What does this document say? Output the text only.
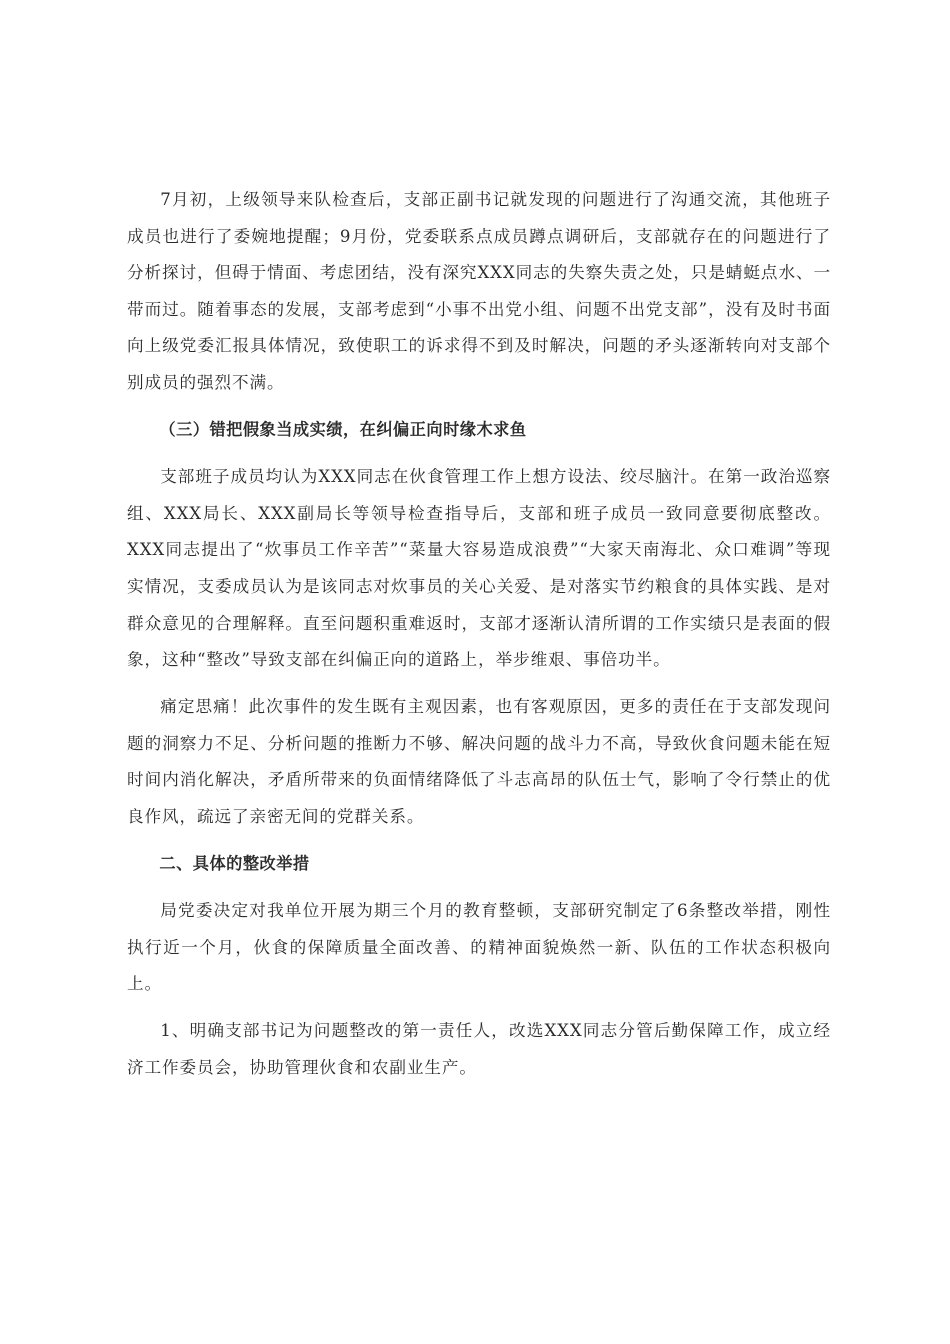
7月初，上级领导来队检查后，支部正副书记就发现的问题进行了沟通交流，其他班子成员也进行了委婉地提醒；9月份，党委联系点成员蹲点调研后，支部就存在的问题进行了分析探讨，但碍于情面、考虑团结，没有深究XXX同志的失察失责之处，只是蜻蜓点水、一带而过。随着事态的发展，支部考虑到“小事不出党小组、问题不出党支部”，没有及时书面向上级党委汇报具体情况，致使职工的诉求得不到及时解决，问题的矛头逐渐转向对支部个别成员的强烈不满。

（三）错把假象当成实绩，在纠偏正向时缘木求鱼

支部班子成员均认为XXX同志在伙食管理工作上想方设法、绞尽脑汁。在第一政治巡察组、XXX局长、XXX副局长等领导检查指导后，支部和班子成员一致同意要彻底整改。XXX同志提出了“炊事员工作辛苦”“菜量大容易造成浪费”“大家天南海北、众口难调”等现实情况，支委成员认为是该同志对炊事员的关心关爱、是对落实节约粮食的具体实践、是对群众意见的合理解释。直至问题积重难返时，支部才逐渐认清所谓的工作实绩只是表面的假象，这种“整改”导致支部在纠偏正向的道路上，举步维艰、事倍功半。

痛定思痛！此次事件的发生既有主观因素，也有客观原因，更多的责任在于支部发现问题的洞察力不足、分析问题的推断力不够、解决问题的战斗力不高，导致伙食问题未能在短时间内消化解决，矛盾所带来的负面情绪降低了斗志高昂的队伍士气，影响了令行禁止的优良作风，疏远了亲密无间的党群关系。

二、具体的整改举措

局党委决定对我单位开展为期三个月的教育整顿，支部研究制定了6条整改举措，刚性执行近一个月，伙食的保障质量全面改善、的精神面貌焕然一新、队伍的工作状态积极向上。

1、明确支部书记为问题整改的第一责任人，改选XXX同志分管后勤保障工作，成立经济工作委员会，协助管理伙食和农副业生产。
